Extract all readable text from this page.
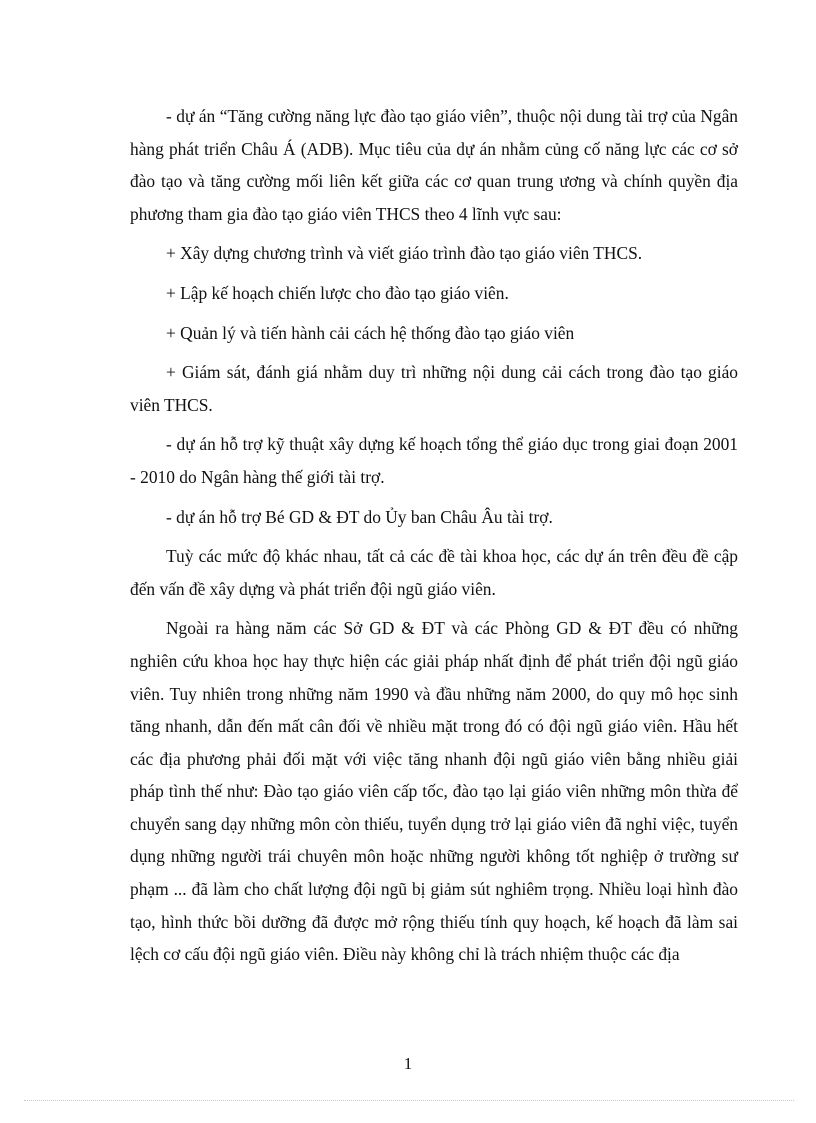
- dự án “Tăng cường năng lực đào tạo giáo viên”, thuộc nội dung tài trợ của Ngân hàng phát triển Châu Á (ADB). Mục tiêu của dự án nhằm củng cố năng lực các cơ sở đào tạo và tăng cường mối liên kết giữa các cơ quan trung ương và chính quyền địa phương tham gia đào tạo giáo viên THCS theo 4 lĩnh vực sau:

+ Xây dựng chương trình và viết giáo trình đào tạo giáo viên THCS.

+ Lập kế hoạch chiến lược cho đào tạo giáo viên.

+ Quản lý và tiến hành cải cách hệ thống đào tạo giáo viên

+ Giám sát, đánh giá nhằm duy trì những nội dung cải cách trong đào tạo giáo viên THCS.

- dự án hỗ trợ kỹ thuật xây dựng kế hoạch tổng thể giáo dục trong giai đoạn 2001 - 2010 do Ngân hàng thế giới tài trợ.

- dự án hỗ trợ Bé GD & ĐT do Ủy ban Châu Âu tài trợ.

Tuỳ các mức độ khác nhau, tất cả các đề tài khoa học, các dự án trên đều đề cập đến vấn đề xây dựng và phát triển đội ngũ giáo viên.

Ngoài ra hàng năm các Sở GD & ĐT và các Phòng GD & ĐT đều có những nghiên cứu khoa học hay thực hiện các giải pháp nhất định để phát triển đội ngũ giáo viên. Tuy nhiên trong những năm 1990 và đầu những năm 2000, do quy mô học sinh tăng nhanh, dẫn đến mất cân đối về nhiều mặt trong đó có đội ngũ giáo viên. Hầu hết các địa phương phải đối mặt với việc tăng nhanh đội ngũ giáo viên bằng nhiều giải pháp tình thế như: Đào tạo giáo viên cấp tốc, đào tạo lại giáo viên những môn thừa để chuyển sang dạy những môn còn thiếu, tuyển dụng trở lại giáo viên đã nghỉ việc, tuyển dụng những người trái chuyên môn hoặc những người không tốt nghiệp ở trường sư phạm ... đã làm cho chất lượng đội ngũ bị giảm sút nghiêm trọng. Nhiều loại hình đào tạo, hình thức bồi dưỡng đã được mở rộng thiếu tính quy hoạch, kế hoạch đã làm sai lệch cơ cấu đội ngũ giáo viên. Điều này không chỉ là trách nhiệm thuộc các địa

1
